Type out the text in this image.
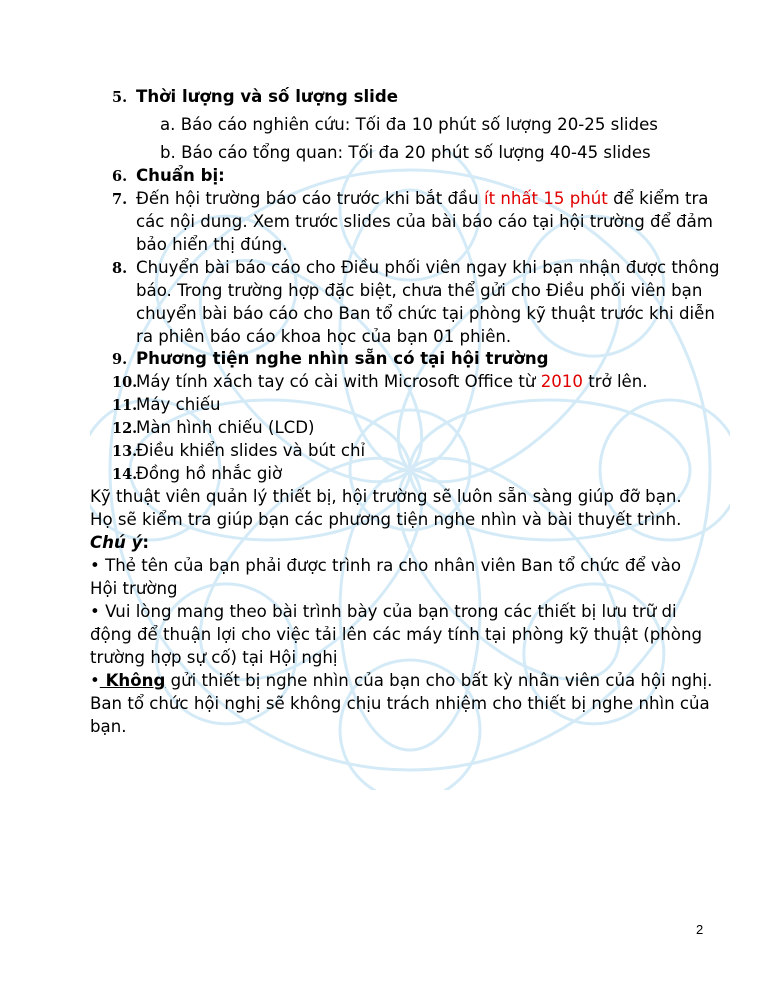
5. Thời lượng và số lượng slide
a. Báo cáo nghiên cứu: Tối đa 10 phút số lượng 20-25 slides
b. Báo cáo tổng quan: Tối đa 20 phút số lượng 40-45 slides
6. Chuẩn bị:
7. Đến hội trường báo cáo trước khi bắt đầu ít nhất 15 phút để kiểm tra
các nội dung. Xem trước slides của bài báo cáo tại hội trường để đảm
bảo hiển thị đúng.
8. Chuyển bài báo cáo cho Điều phối viên ngay khi bạn nhận được thông
báo. Trong trường hợp đặc biệt, chưa thể gửi cho Điều phối viên bạn
chuyển bài báo cáo cho Ban tổ chức tại phòng kỹ thuật trước khi diễn
ra phiên báo cáo khoa học của bạn 01 phiên.
9. Phương tiện nghe nhìn sẵn có tại hội trường
10.
Máy tính xách tay có cài with Microsoft Office từ 2010 trở lên.
11.
Máy chiếu
12.
Màn hình chiếu (LCD)
13.
Điều khiển slides và bút chỉ
14.
Đồng hồ nhắc giờ
Kỹ thuật viên quản lý thiết bị, hội trường sẽ luôn sẵn sàng giúp đỡ bạn.
Họ sẽ kiểm tra giúp bạn các phương tiện nghe nhìn và bài thuyết trình.
Chú ý:
• Thẻ tên của bạn phải được trình ra cho nhân viên Ban tổ chức để vào
Hội trường
• Vui lòng mang theo bài trình bày của bạn trong các thiết bị lưu trữ di
động để thuận lợi cho việc tải lên các máy tính tại phòng kỹ thuật (phòng
trường hợp sự cố) tại Hội nghị
• Không gửi thiết bị nghe nhìn của bạn cho bất kỳ nhân viên của hội nghị.
Ban tổ chức hội nghị sẽ không chịu trách nhiệm cho thiết bị nghe nhìn của
bạn.
2
